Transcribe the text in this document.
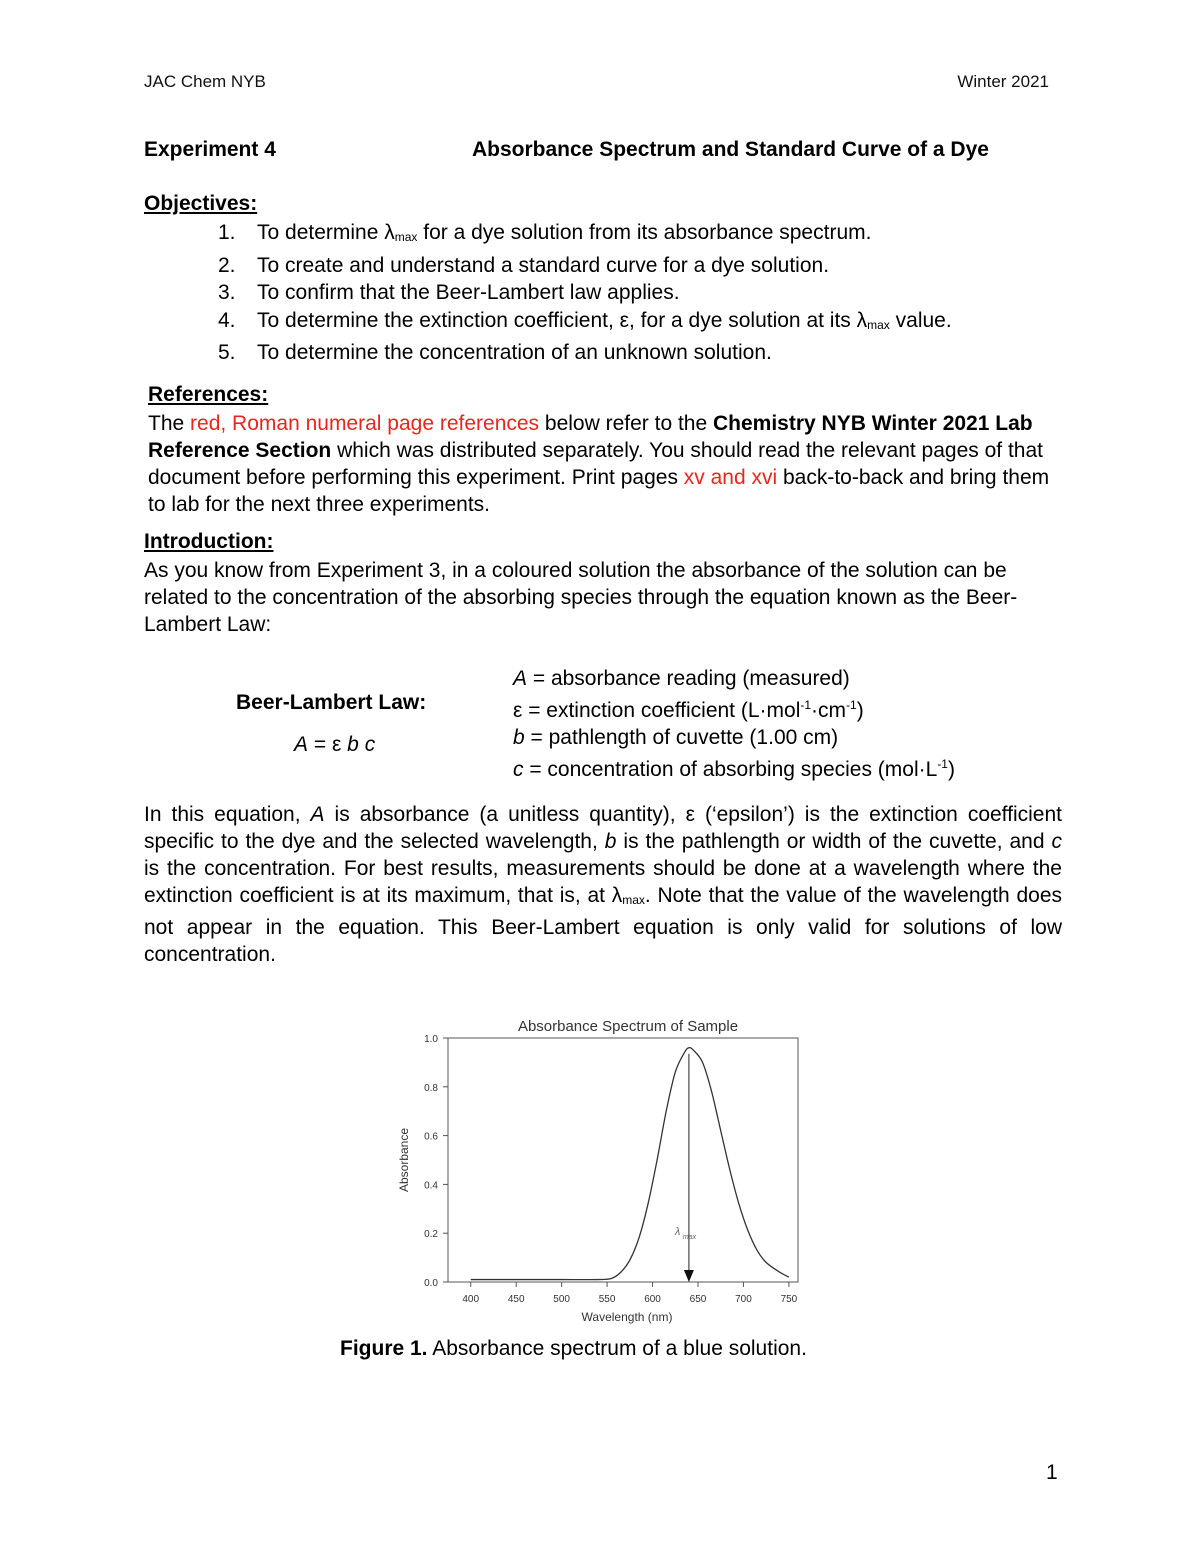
JAC Chem NYB	Winter 2021
Experiment 4	Absorbance Spectrum and Standard Curve of a Dye
Objectives:
1. To determine λmax for a dye solution from its absorbance spectrum.
2. To create and understand a standard curve for a dye solution.
3. To confirm that the Beer-Lambert law applies.
4. To determine the extinction coefficient, ε, for a dye solution at its λmax value.
5. To determine the concentration of an unknown solution.
References:
The red, Roman numeral page references below refer to the Chemistry NYB Winter 2021 Lab Reference Section which was distributed separately. You should read the relevant pages of that document before performing this experiment. Print pages xv and xvi back-to-back and bring them to lab for the next three experiments.
Introduction:
As you know from Experiment 3, in a coloured solution the absorbance of the solution can be related to the concentration of the absorbing species through the equation known as the Beer-Lambert Law:
Beer-Lambert Law:
A = ε b c
A = absorbance reading (measured)
ε = extinction coefficient $(L\cdot mol^{-1}\cdot cm^{-1})$
b = pathlength of cuvette (1.00 cm)
c = concentration of absorbing species $(mol\cdot L^{-1})$
In this equation, A is absorbance (a unitless quantity), ε (‘epsilon’) is the extinction coefficient specific to the dye and the selected wavelength, b is the pathlength or width of the cuvette, and c is the concentration. For best results, measurements should be done at a wavelength where the extinction coefficient is at its maximum, that is, at λmax. Note that the value of the wavelength does not appear in the equation. This Beer-Lambert equation is only valid for solutions of low concentration.
Absorbance Spectrum of Sample
0.0
0.2
0.4
0.6
0.8
1.0
400	450	500	550	600	650	700	750
Wavelength (nm)
Absorbance
λ max
Figure 1. Absorbance spectrum of a blue solution.
1
